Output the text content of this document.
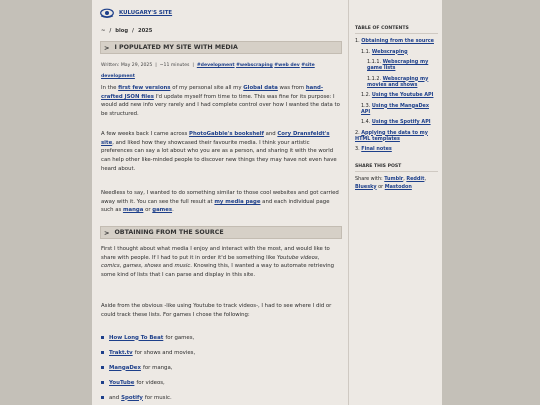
KULUGARY'S SITE
~ / blog / 2025
> I POPULATED MY SITE WITH MEDIA
Written: May 29, 2025 | ~11 minutes | #development #webscraping #web dev #site development

In the first few versions of my personal site all my Global data was from hand-crafted JSON files I'd update myself from time to time. This was fine for its purpose: I would add new info very rarely and I had complete control over how I wanted the data to be structured.

A few weeks back I came across PhotoGabble's bookshelf and Cory Dransfeldt's site, and liked how they showcased their favourite media. I think your artistic preferences can say a lot about who you are as a person, and sharing it with the world can help other like-minded people to discover new things they may have not even have heard about.

Needless to say, I wanted to do something similar to those cool websites and got carried away with it. You can see the full result at my media page and each individual page such as manga or games.

> OBTAINING FROM THE SOURCE

First I thought about what media I enjoy and interact with the most, and would like to share with people. If I had to put it in order it'd be something like Youtube videos, comics, games, shows and music. Knowing this, I wanted a way to automate retrieving some kind of lists that I can parse and display in this site.

Aside from the obvious -like using Youtube to track videos-, I had to see where I did or could track these lists. For games I chose the following:

How Long To Beat for games,
Trakt.tv for shows and movies,
MangaDex for manga,
YouTube for videos,
and Spotify for music.
TABLE OF CONTENTS
1. Obtaining from the source
1.1. Webscraping
1.1.1. Webscraping my game lists
1.1.2. Webscraping my movies and shows
1.2. Using the Youtube API
1.3. Using the MangaDex API
1.4. Using the Spotify API
2. Applying the data to my HTML templates
3. Final notes
SHARE THIS POST

Share with: Tumblr, Reddit, Bluesky or Mastodon
